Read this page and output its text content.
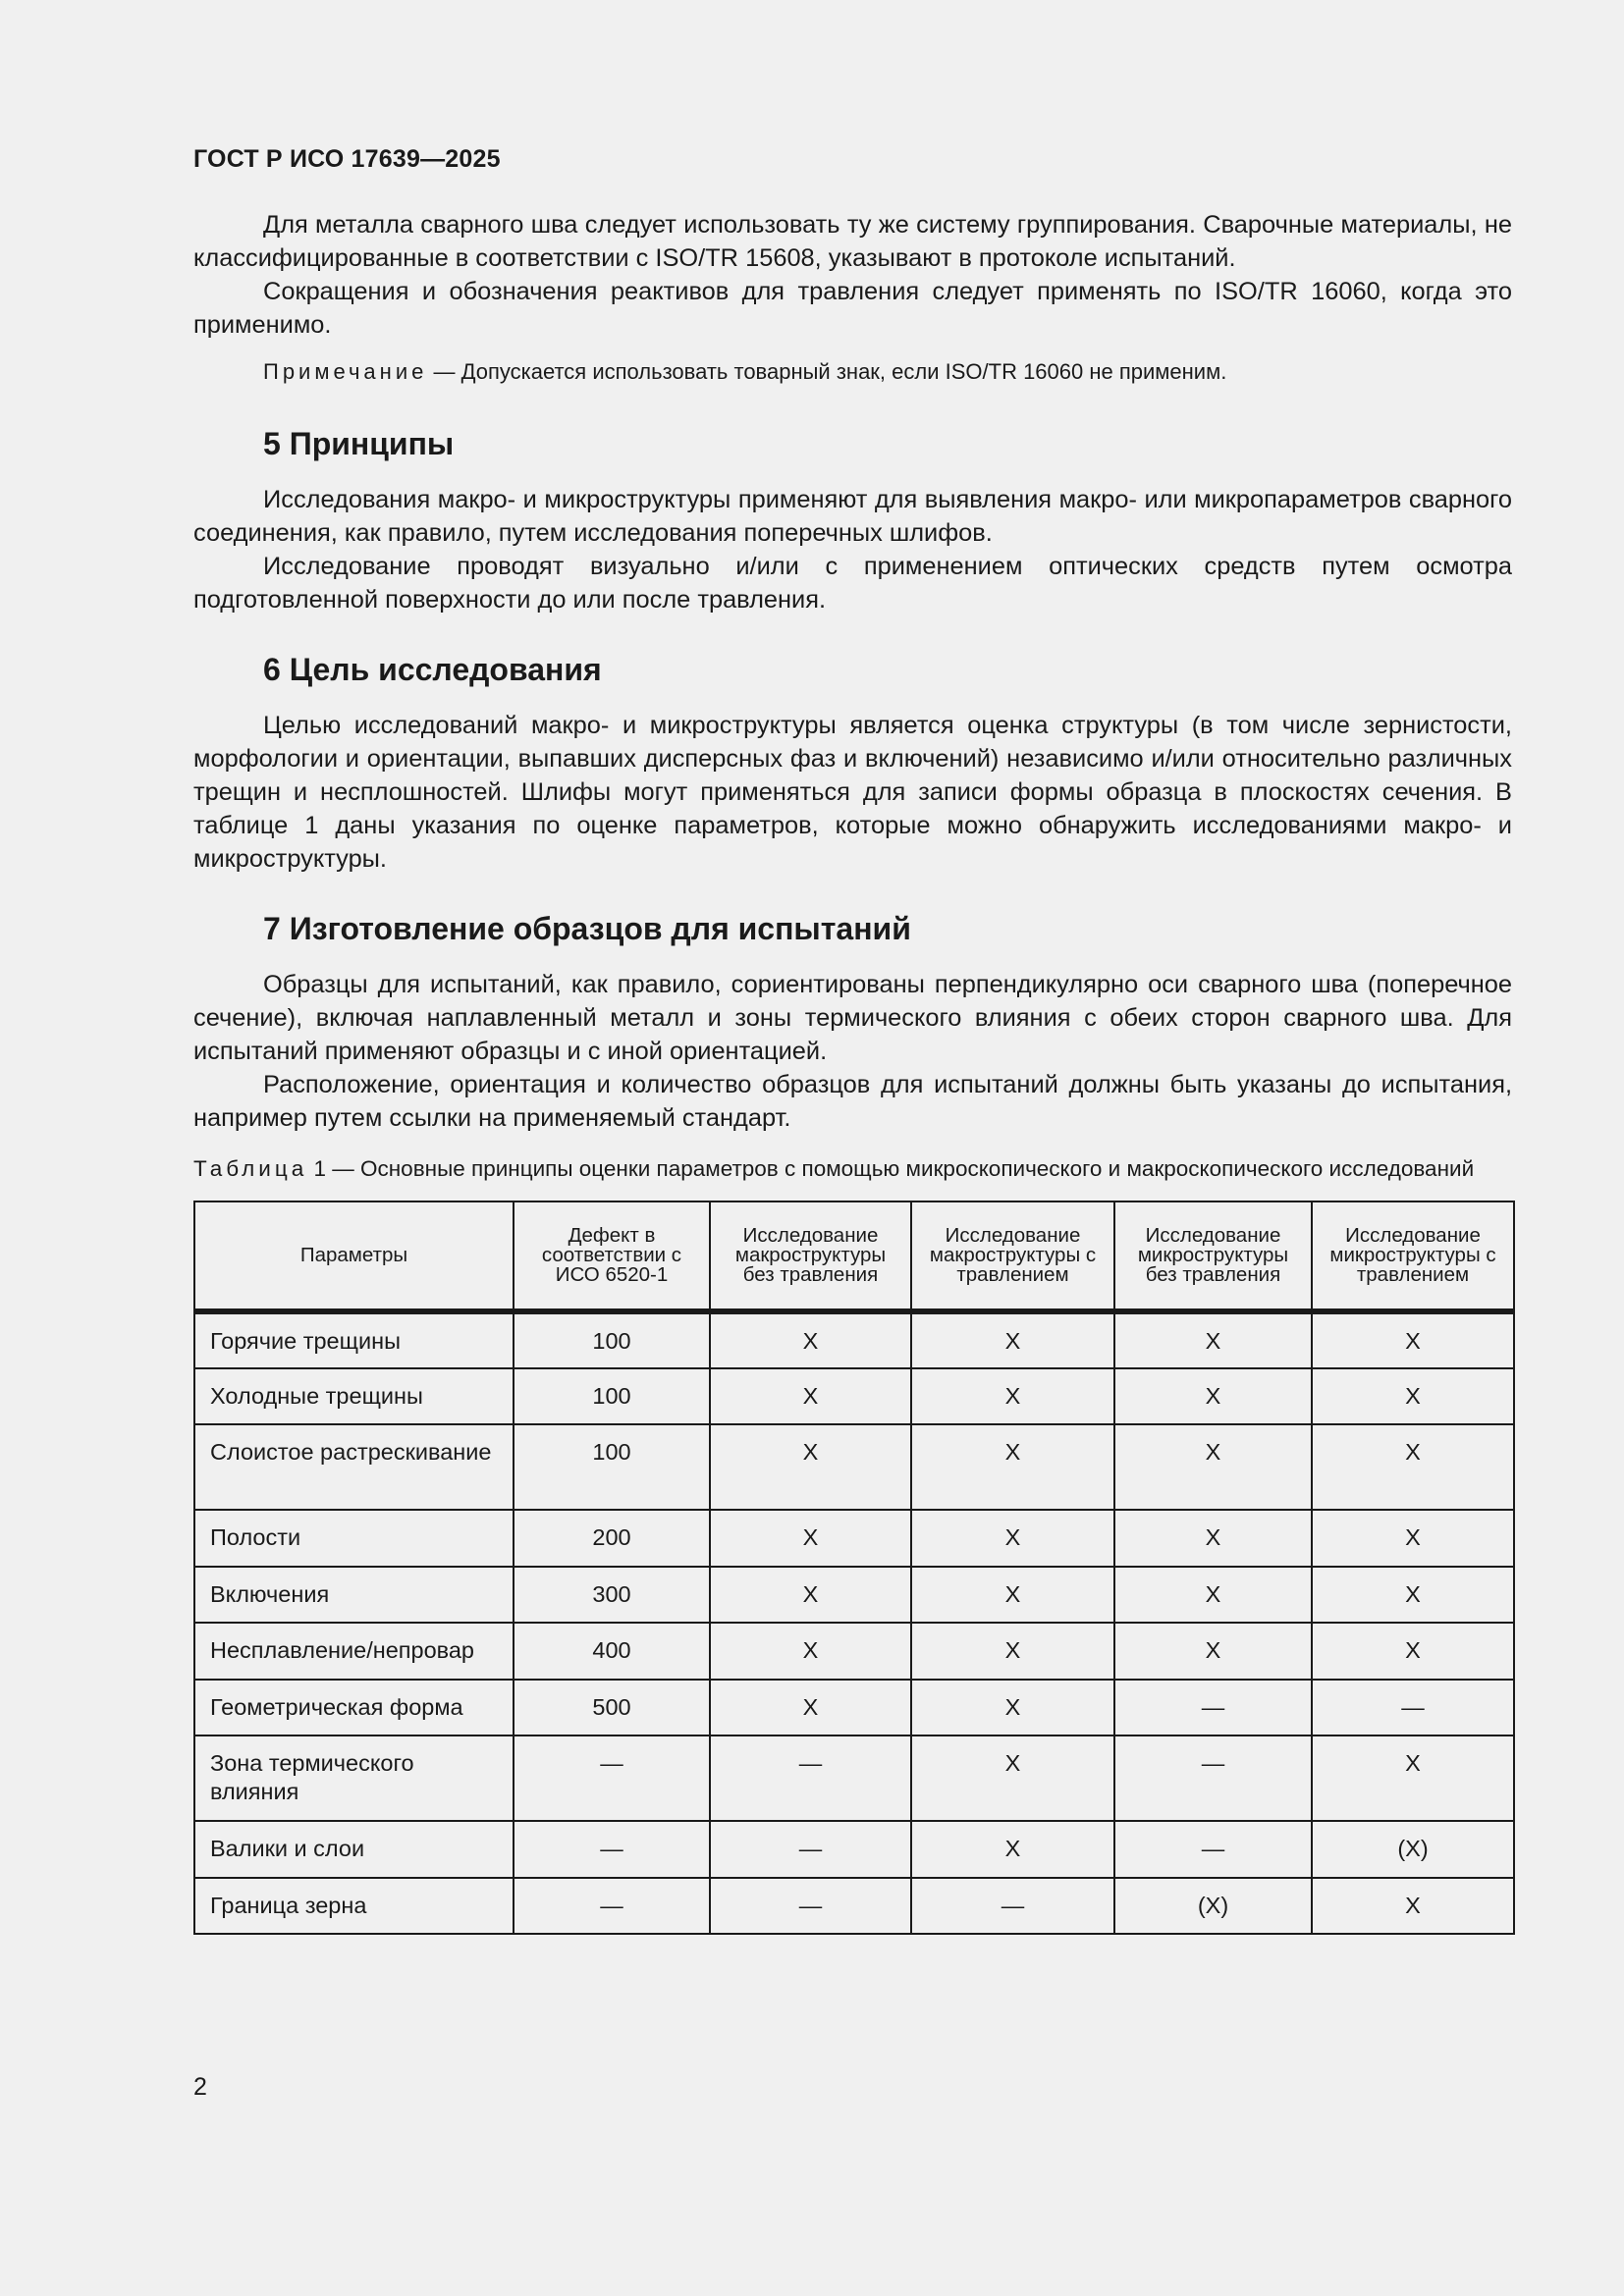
ГОСТ Р ИСО 17639—2025

Для металла сварного шва следует использовать ту же систему группирования. Сварочные материалы, не классифицированные в соответствии с ISO/TR 15608, указывают в протоколе испытаний.

Сокращения и обозначения реактивов для травления следует применять по ISO/TR 16060, когда это применимо.

Примечание — Допускается использовать товарный знак, если ISO/TR 16060 не применим.
5 Принципы

Исследования макро- и микроструктуры применяют для выявления макро- или микропараметров сварного соединения, как правило, путем исследования поперечных шлифов.

Исследование проводят визуально и/или с применением оптических средств путем осмотра подготовленной поверхности до или после травления.

6 Цель исследования

Целью исследований макро- и микроструктуры является оценка структуры (в том числе зернистости, морфологии и ориентации, выпавших дисперсных фаз и включений) независимо и/или относительно различных трещин и несплошностей. Шлифы могут применяться для записи формы образца в плоскостях сечения. В таблице 1 даны указания по оценке параметров, которые можно обнаружить исследованиями макро- и микроструктуры.

7 Изготовление образцов для испытаний

Образцы для испытаний, как правило, сориентированы перпендикулярно оси сварного шва (поперечное сечение), включая наплавленный металл и зоны термического влияния с обеих сторон сварного шва. Для испытаний применяют образцы и с иной ориентацией.

Расположение, ориентация и количество образцов для испытаний должны быть указаны до испытания, например путем ссылки на применяемый стандарт.

Таблица 1 — Основные принципы оценки параметров с помощью микроскопического и макроскопического исследований
Параметры	Дефект в соответствии с ИСО 6520-1	Исследование макроструктуры без травления	Исследование макроструктуры с травлением	Исследование микроструктуры без травления	Исследование микроструктуры с травлением
Горячие трещины	100	X	X	X	X
Холодные трещины	100	X	X	X	X
Слоистое растрескивание	100	X	X	X	X
Полости	200	X	X	X	X
Включения	300	X	X	X	X
Несплавление/непровар	400	X	X	X	X
Геометрическая форма	500	X	X	—	—
Зона термического влияния	—	—	X	—	X
Валики и слои	—	—	X	—	(X)
Граница зерна	—	—	—	(X)	X
2
